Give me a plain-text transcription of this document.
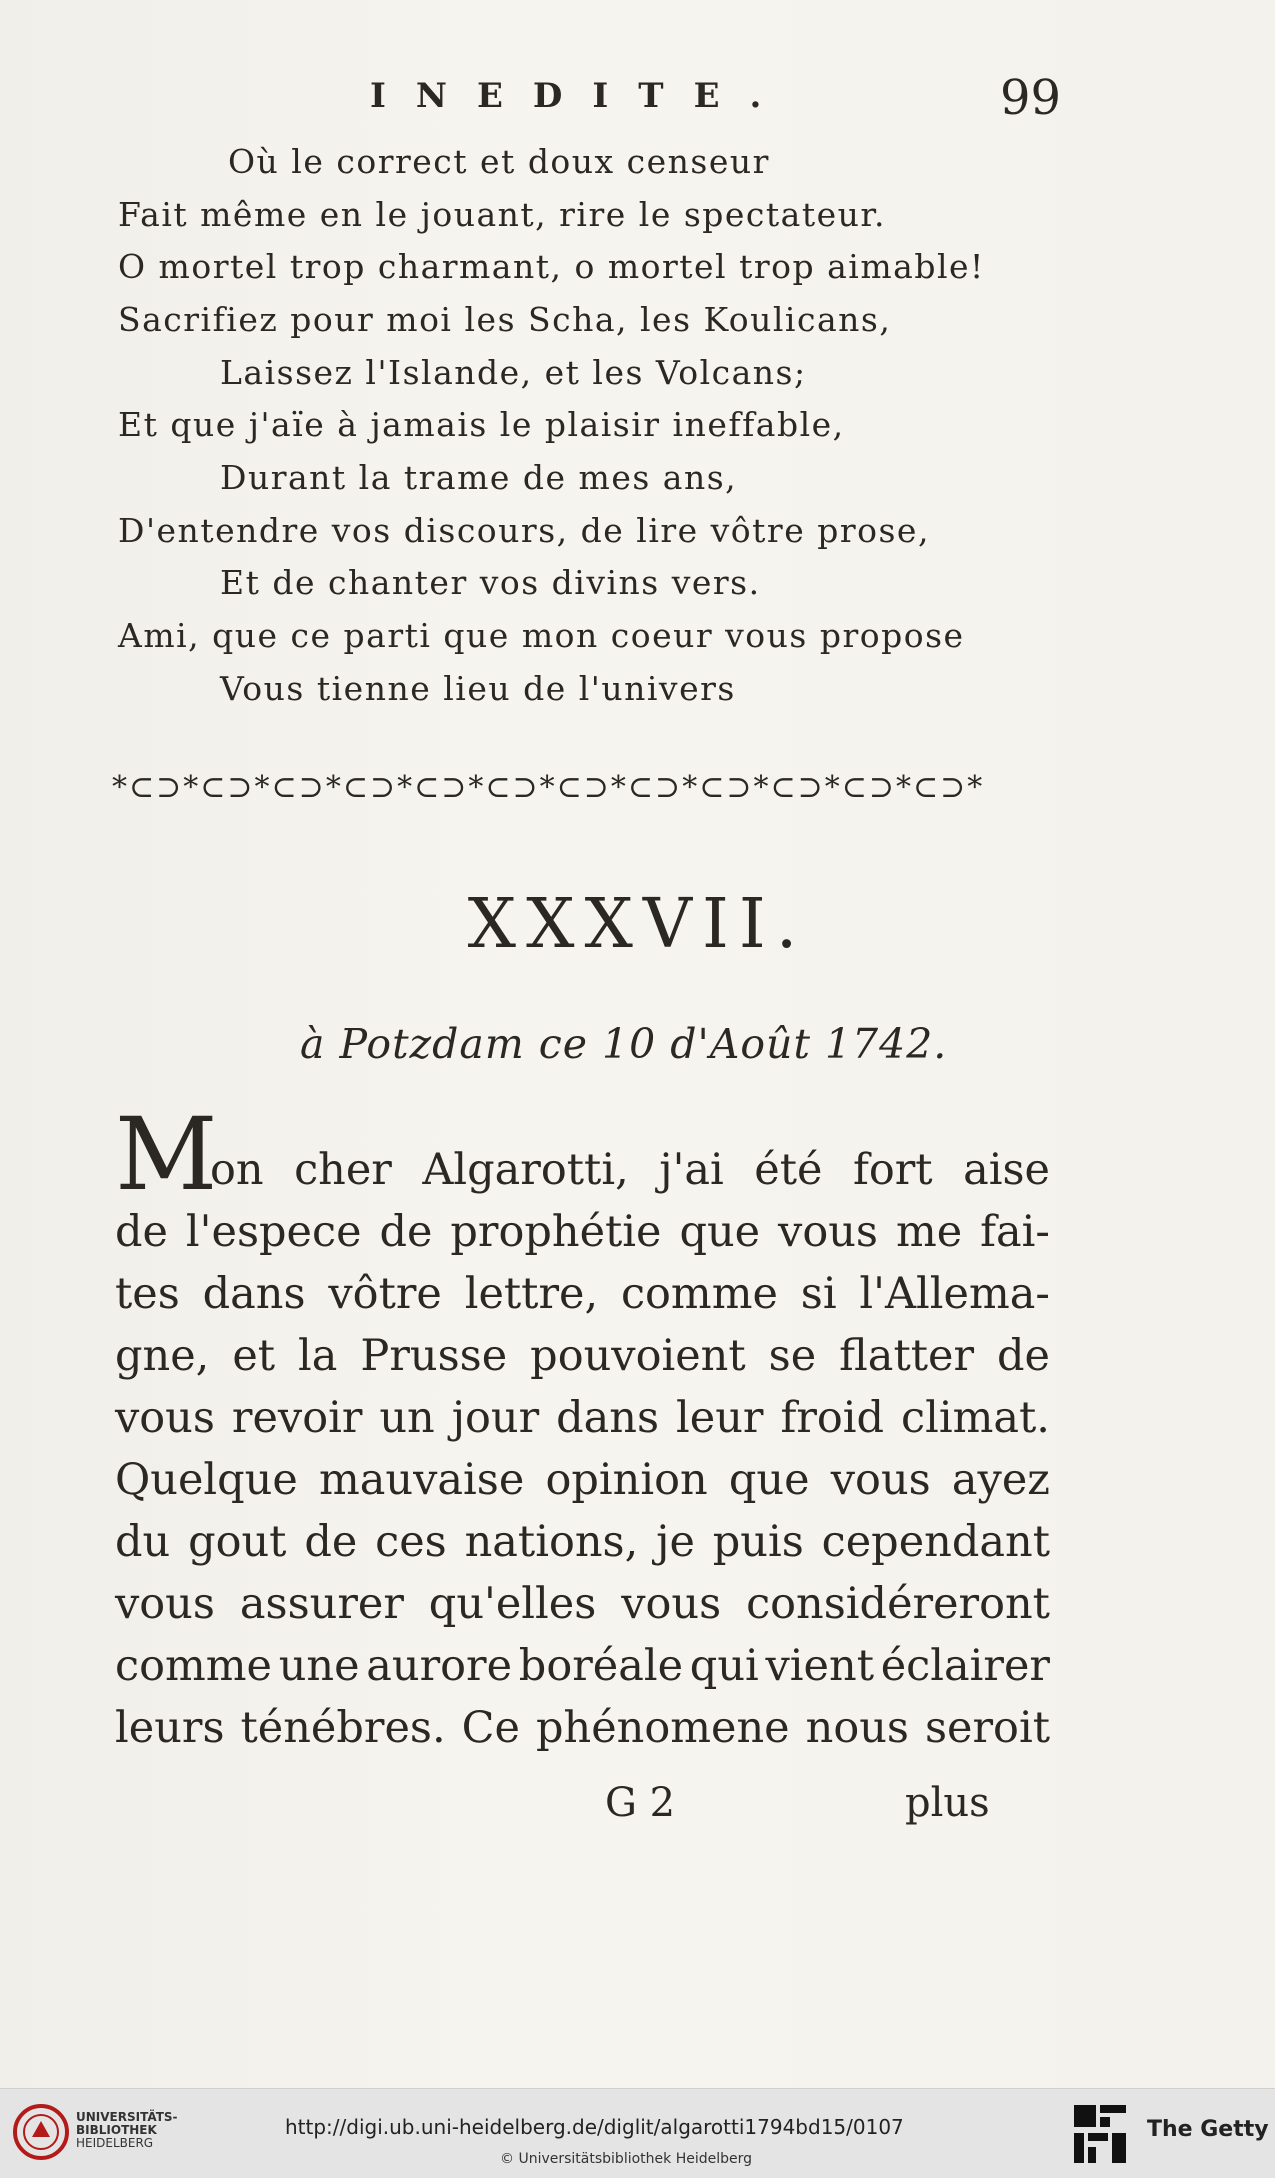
INEDITE.	99
Où le correct et doux censeur
Fait même en le jouant, rire le spectateur.
O mortel trop charmant, o mortel trop aimable!
Sacrifiez pour moi les Scha, les Koulicans,
Laissez l'Islande, et les Volcans;
Et que j'aïe à jamais le plaisir ineffable,
Durant la trame de mes ans,
D'entendre vos discours, de lire vôtre prose,
Et de chanter vos divins vers.
Ami, que ce parti que mon coeur vous propose
Vous tienne lieu de l'univers
*⊂⊃*⊂⊃*⊂⊃*⊂⊃*⊂⊃*⊂⊃*⊂⊃*⊂⊃*⊂⊃*⊂⊃*⊂⊃*⊂⊃*
XXXVII.
à Potzdam ce 10 d'Août 1742.
M
on cher Algarotti, j'ai été fort aise
de l'espece de prophétie que vous me fai-
tes dans vôtre lettre, comme si l'Allema-
gne, et la Prusse pouvoient se flatter de
vous revoir un jour dans leur froid climat.
Quelque mauvaise opinion que vous ayez
du gout de ces nations, je puis cependant
vous assurer qu'elles vous considéreront
comme une aurore boréale qui vient éclairer
leurs ténébres. Ce phénomene nous seroit
G 2	plus
UNIVERSITÄTS-
BIBLIOTHEK
HEIDELBERG
http://digi.ub.uni-heidelberg.de/diglit/algarotti1794bd15/0107
© Universitätsbibliothek Heidelberg
The Getty
